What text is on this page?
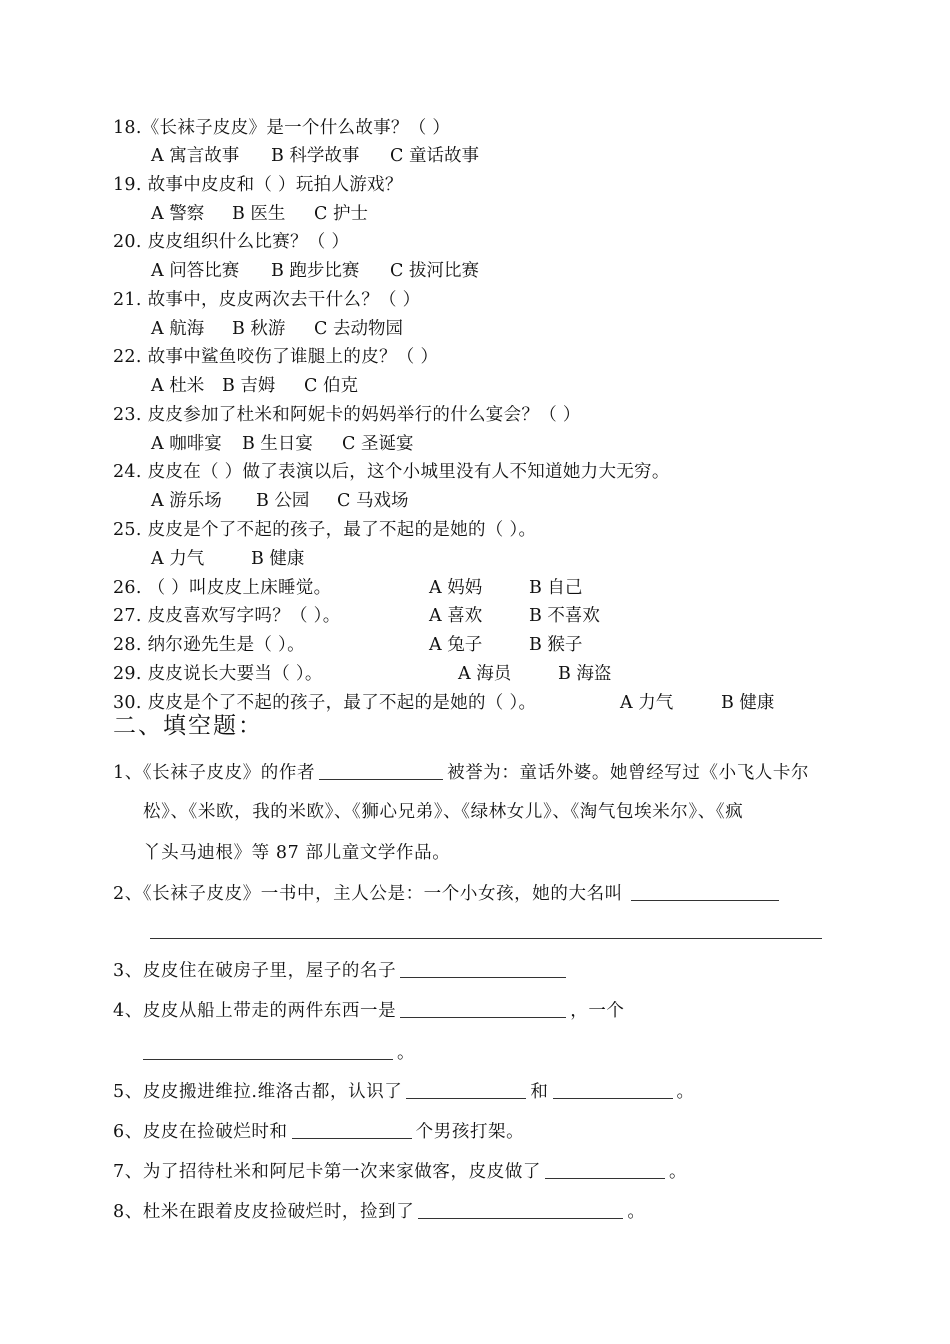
18.《长袜子皮皮》是一个什么故事？（ ）
A 寓言故事 B 科学故事 C 童话故事
19. 故事中皮皮和（ ）玩拍人游戏？
A 警察 B 医生 C 护士
20. 皮皮组织什么比赛？（ ）
A 问答比赛 B 跑步比赛 C 拔河比赛
21. 故事中，皮皮两次去干什么？（ ）
A 航海 B 秋游 C 去动物园
22. 故事中鲨鱼咬伤了谁腿上的皮？（ ）
A 杜米 B 吉姆 C 伯克
23. 皮皮参加了杜米和阿妮卡的妈妈举行的什么宴会？（ ）
A 咖啡宴 B 生日宴 C 圣诞宴
24. 皮皮在（ ）做了表演以后，这个小城里没有人不知道她力大无穷。
A 游乐场 B 公园 C 马戏场
25. 皮皮是个了不起的孩子，最了不起的是她的（ ）。
A 力气	B 健康
26. （ ）叫皮皮上床睡觉。	A 妈妈	B 自己
27. 皮皮喜欢写字吗？（ ）。	A 喜欢	B 不喜欢
28. 纳尔逊先生是（ ）。	A 兔子	B 猴子
29. 皮皮说长大要当（ ）。	A 海员	B 海盗
30. 皮皮是个了不起的孩子，最了不起的是她的（ ）。	A 力气	B 健康
二、填空题：
1、《长袜子皮皮》的作者	被誉为：童话外婆。她曾经写过《小飞人卡尔
松》、《米欧，我的米欧》、《狮心兄弟》、《绿林女儿》、《淘气包埃米尔》、《疯
丫头马迪根》等 87 部儿童文学作品。
2、《长袜子皮皮》一书中，主人公是：一个小女孩，她的大名叫
3、皮皮住在破房子里，屋子的名子
4、皮皮从船上带走的两件东西一是	，一个
。
5、皮皮搬进维拉.维洛古都，认识了	和	。
6、皮皮在捡破烂时和	个男孩打架。
7、为了招待杜米和阿尼卡第一次来家做客，皮皮做了	。
8、杜米在跟着皮皮捡破烂时，捡到了	。
